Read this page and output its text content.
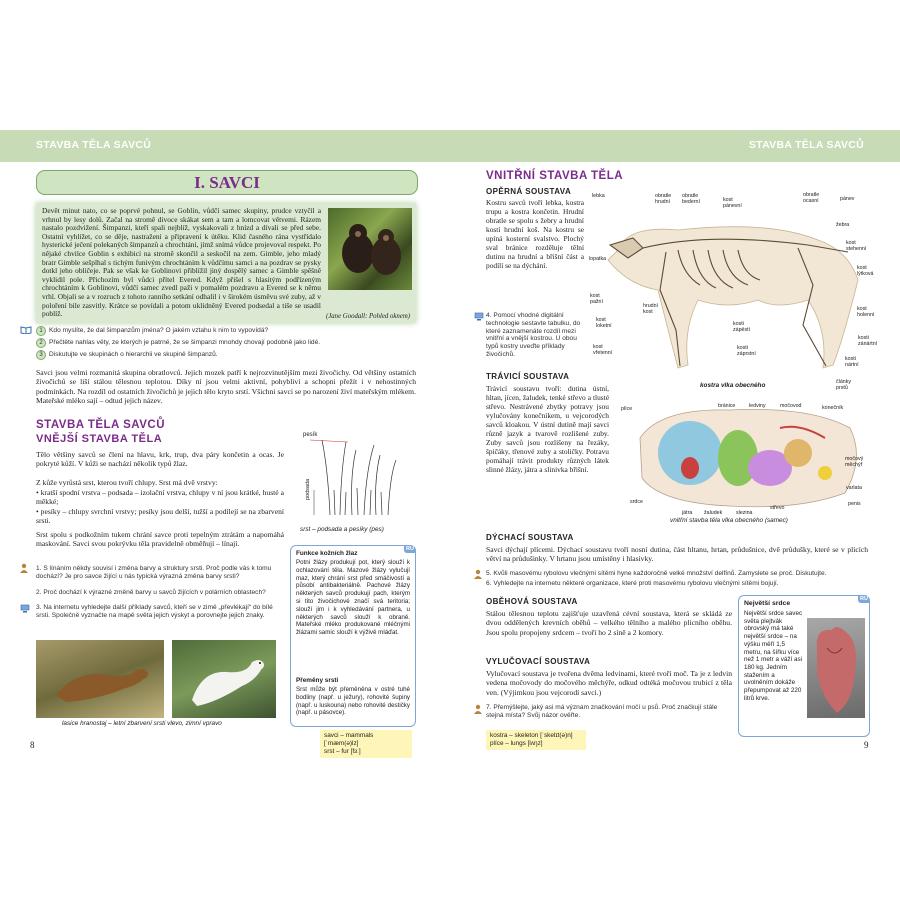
STAVBA TĚLA SAVCŮ	STAVBA TĚLA SAVCŮ
I. SAVCI

Devět minut nato, co se poprvé pohnul, se Goblin, vůdčí samec skupiny, prudce vztyčil a vrhnul by lesy dolů. Začal na stromě divoce skákat sem a tam a lomcovat větvemi. Rázem nastalo pozdvižení. Šimpanzi, kteří spali nejblíž, vyskakovali z hnízd a dívali se před sebe. Ostatní vyhlížet, co se děje, nastražení a připravení k útěku. Klid časného rána vystřídalo hysterické ječení polekaných šimpanzů a chrochtání, jímž snímá vůdce projevoval respekt. Po nějaké chvilce Goblin s exhibicí na stromě skončil a seskočil na zem. Gimble, jeho mladý bratr Gimble sešplhal s tichým funivým chrochtáním k vůdčímu samci a na pozdrav se pysky dotkl jeho obličeje. Pak se však ke Goblinovi přiblížil jiný dospělý samec a Gimble spěšně vyklidil pole. Přichozím byl vůdci přítel Evered. Když přišel s hlasitým podřízeným chrochtáním k Goblinovi, vůdčí samec zvedl paži v pomalém pozdravu a Evered se k němu vrhl. Objali se a v rozruch z tohoto ranního setkání odhalil i v širokém úsměvu své zuby, až v poloření bile zasvitly. Krátce se povídali a potom uklidněný Evered podsedal a tiše se usadil poblíž.	(Jane Goodall: Pohled oknem)
1 Kdo myslíte, že dal šimpanzům jména? O jakém vztahu k nim to vypovídá?
2 Přečtěte nahlas věty, ze kterých je patrné, že se šimpanzi mnohdy chovají podobně jako lidé.
3 Diskutujte ve skupinách o hierarchii ve skupině šimpanzů.
Savci jsou velmi rozmanitá skupina obratlovců. Jejich mozek patří k nejrozvinutějším mezi živočichy. Od většiny ostatních živočichů se liší stálou tělesnou teplotou. Díky ní jsou velmi aktivní, pohybliví a schopni přežít i v nehostinných podmínkách. Na rozdíl od ostatních živočichů je jejich tělo kryto srstí. Všichni savci se po narození živí mateřským mlékem. Mateřské mléko sají – odtud jejich název.
STAVBA TĚLA SAVCŮ
VNĚJŠÍ STAVBA TĚLA
Tělo většiny savců se člení na hlavu, krk, trup, dva páry končetin a ocas. Je pokryté kůží. V kůži se nachází několik typů žlaz.
Z kůže vyrůstá srst, kterou tvoří chlupy. Srst má dvě vrstvy:
• kratší spodní vrstva – podsada – izolační vrstva, chlupy v ní jsou krátké, husté a měkké;
• pesíky – chlupy svrchní vrstvy; pesíky jsou delší, tužší a podílejí se na zbarvení srsti.
Srst spolu s podkožním tukem chrání savce proti tepelným ztrátám a napomáhá maskování. Savci svou pokrývku těla pravidelně obměňují – línají.
pesík
podsada
srst – podsada a pesíky (pes)
1. S línáním někdy souvisí i změna barvy a struktury srsti. Proč podle vás k tomu dochází? Je pro savce žijící u nás typická výrazná změna barvy srsti?
2. Proč dochází k výrazné změně barvy u savců žijících v polárních oblastech?
3. Na internetu vyhledejte další příklady savců, kteří se v zimě „převlékají“ do bílé srsti. Společně vyznačte na mapě světa jejich výskyt a porovnejte jejich znaky.
lasice hranostaj – letní zbarvení srsti vlevo, zimní vpravo
RU
Funkce kožních žlaz
Potní žlázy produkují pot, který slouží k ochlazování těla. Mazové žlázy vylučují maz, který chrání srst před smáčivostí a působí antibakteriálně. Pachové žlázy některých savců produkují pach, kterým si tito živočichové značí svá teritoria; slouží jim i k vyhledávání partnera, u některých savců slouží k obraně. Mateřské mléko produkované mléčnými žlázami samic slouží k výživě mláďat.
Přeměny srsti
Srst může být přeměněna v ostré tuhé bodliny (např. u ježury), rohovité šupiny (např. u luskouna) nebo rohovité destičky (např. u pásovce).
savci – mammals [ˈmæm(ə)lz]
srst – fur [fɜː]
8
VNITŘNÍ STAVBA TĚLA
OPĚRNÁ SOUSTAVA
Kostru savců tvoří lebka, kostra trupu a kostra končetin. Hrudní obratle se spolu s žebry a hrudní kostí hrudní koš. Na kostru se upíná kosterní svalstvo. Plochý sval bránice rozděluje tělní dutinu na hrudní a břišní část a podílí se na dýchání.
4. Pomocí vhodné digitální technologie sestavte tabulku, do které zaznamenáte rozdíl mezi vnitřní a vnější kostrou. U obou typů kostry uveďte příklady živočichů.
lebka	obratle hrudní
obratle bederní	kost pánevní
obratle ocasní	pánev
žebra
kost stehenní
lopatka
kost pažní
kost loketní
kost vřetenní
hrudní kost
kosti zápěstí
kosti záprstní
články prstů
kost holenní
kost lýtková
kosti zánártní
kosti nártní
kostra vlka obecného
TRÁVICÍ SOUSTAVA
Trávicí soustavu tvoří: dutina ústní, hltan, jícen, žaludek, tenké střevo a tlusté střevo. Nestrávené zbytky potravy jsou vylučovány konečníkem, u vejcorodých savců kloakou. V ústní dutině mají savci různě jazyk a tvarově rozlišené zuby. Zuby savců jsou rozlišeny na řezáky, špičáky, třenové zuby a stoličky. Potravu pomáhají trávit produkty různých látek slinné žlázy, játra a slinivka břišní.
plíce	bránice	ledviny	močovod	konečník
srdce
játra	žaludek	slezina
střevo
močový měchýř
varlata
penis
vnitřní stavba těla vlka obecného (samec)
DÝCHACÍ SOUSTAVA
Savci dýchají plícemi. Dýchací soustavu tvoří nosní dutina, část hltanu, hrtan, průdušnice, dvě průdušky, které se v plicích větví na průdušinky. V hrtanu jsou umístěny i hlasivky.
5. Kvůli masovému rybolovu vlečnými sítěmi hyne každoročně velké množství delfínů. Zamyslete se proč. Diskutujte.
6. Vyhledejte na internetu některé organizace, které proti masovému rybolovu vlečnými sítěmi bojují.
OBĚHOVÁ SOUSTAVA
Stálou tělesnou teplotu zajišťuje uzavřená cévní soustava, která se skládá ze dvou oddělených krevních oběhů – velkého tělního a malého plicního oběhu. Jsou spolu propojeny srdcem – tvoří ho 2 síně a 2 komory.
VYLUČOVACÍ SOUSTAVA
Vylučovací soustava je tvořena dvěma ledvinami, které tvoří moč. Ta je z ledvin vedena močovody do močového měchýře, odkud odtéká močovou trubicí z těla ven. (Výjimkou jsou vejcorodí savci.)
7. Přemýšlejte, jaký asi má význam značkování močí u psů. Proč značkují stále stejná místa? Svůj názor ověřte.
RU
Největší srdce
Největší srdce savec světa plejtvák obrovský má také největší srdce – na výšku měří 1,5 metru, na šířku více než 1 metr a váží asi 180 kg. Jedním stažením a uvolněním dokáže přepumpovat až 220 litrů krve.
kostra – skeleton [ˈskelɪt(ə)n]
plíce – lungs [lʌŋz]	9
